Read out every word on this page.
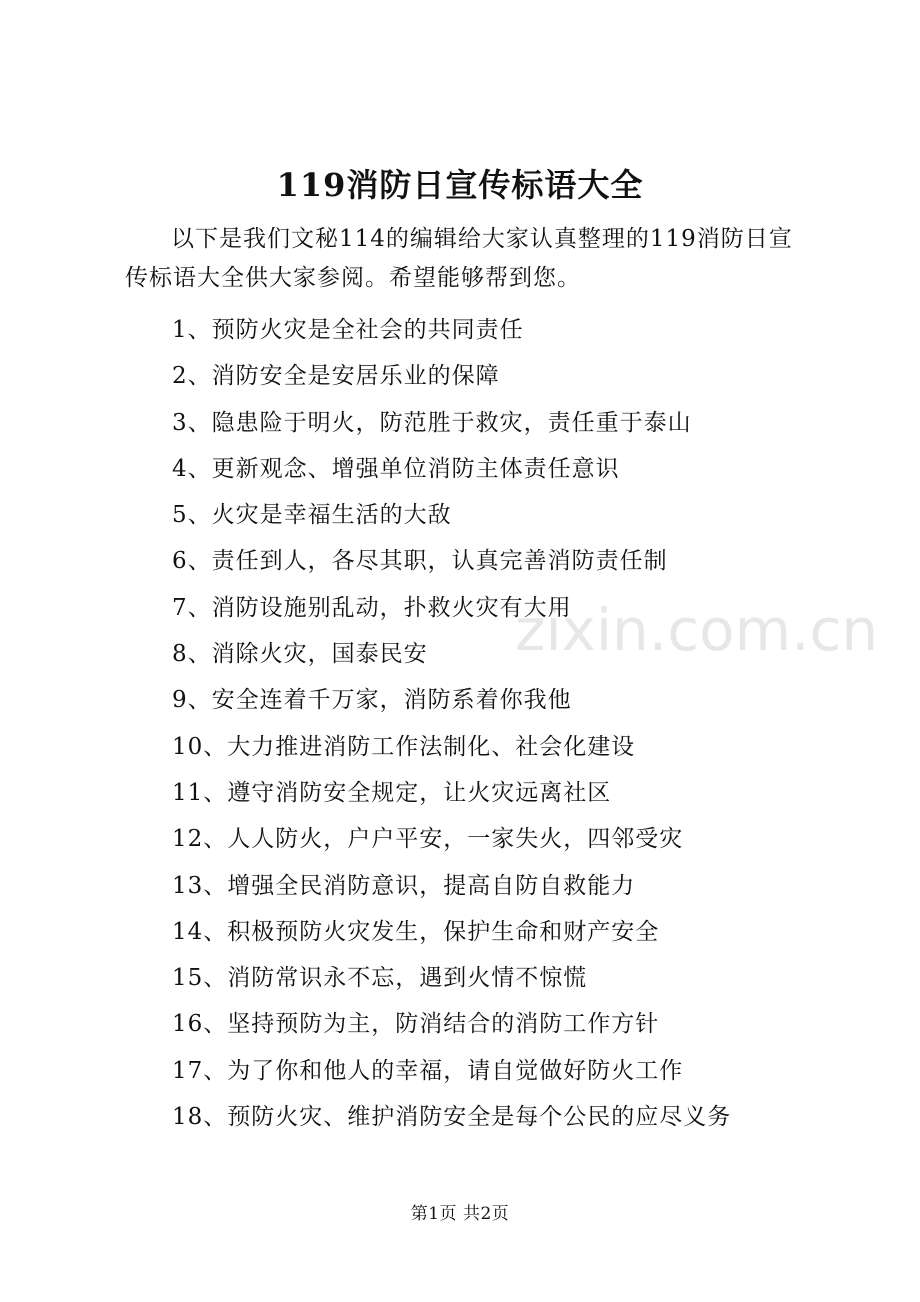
119消防日宣传标语大全

以下是我们文秘114的编辑给大家认真整理的119消防日宣传标语大全供大家参阅。希望能够帮到您。

1、预防火灾是全社会的共同责任
2、消防安全是安居乐业的保障
3、隐患险于明火，防范胜于救灾，责任重于泰山
4、更新观念、增强单位消防主体责任意识
5、火灾是幸福生活的大敌
6、责任到人，各尽其职，认真完善消防责任制
7、消防设施别乱动，扑救火灾有大用
8、消除火灾，国泰民安
9、安全连着千万家，消防系着你我他
10、大力推进消防工作法制化、社会化建设
11、遵守消防安全规定，让火灾远离社区
12、人人防火，户户平安，一家失火，四邻受灾
13、增强全民消防意识，提高自防自救能力
14、积极预防火灾发生，保护生命和财产安全
15、消防常识永不忘，遇到火情不惊慌
16、坚持预防为主，防消结合的消防工作方针
17、为了你和他人的幸福，请自觉做好防火工作
18、预防火灾、维护消防安全是每个公民的应尽义务
zixin.com.cn
第1页 共2页
